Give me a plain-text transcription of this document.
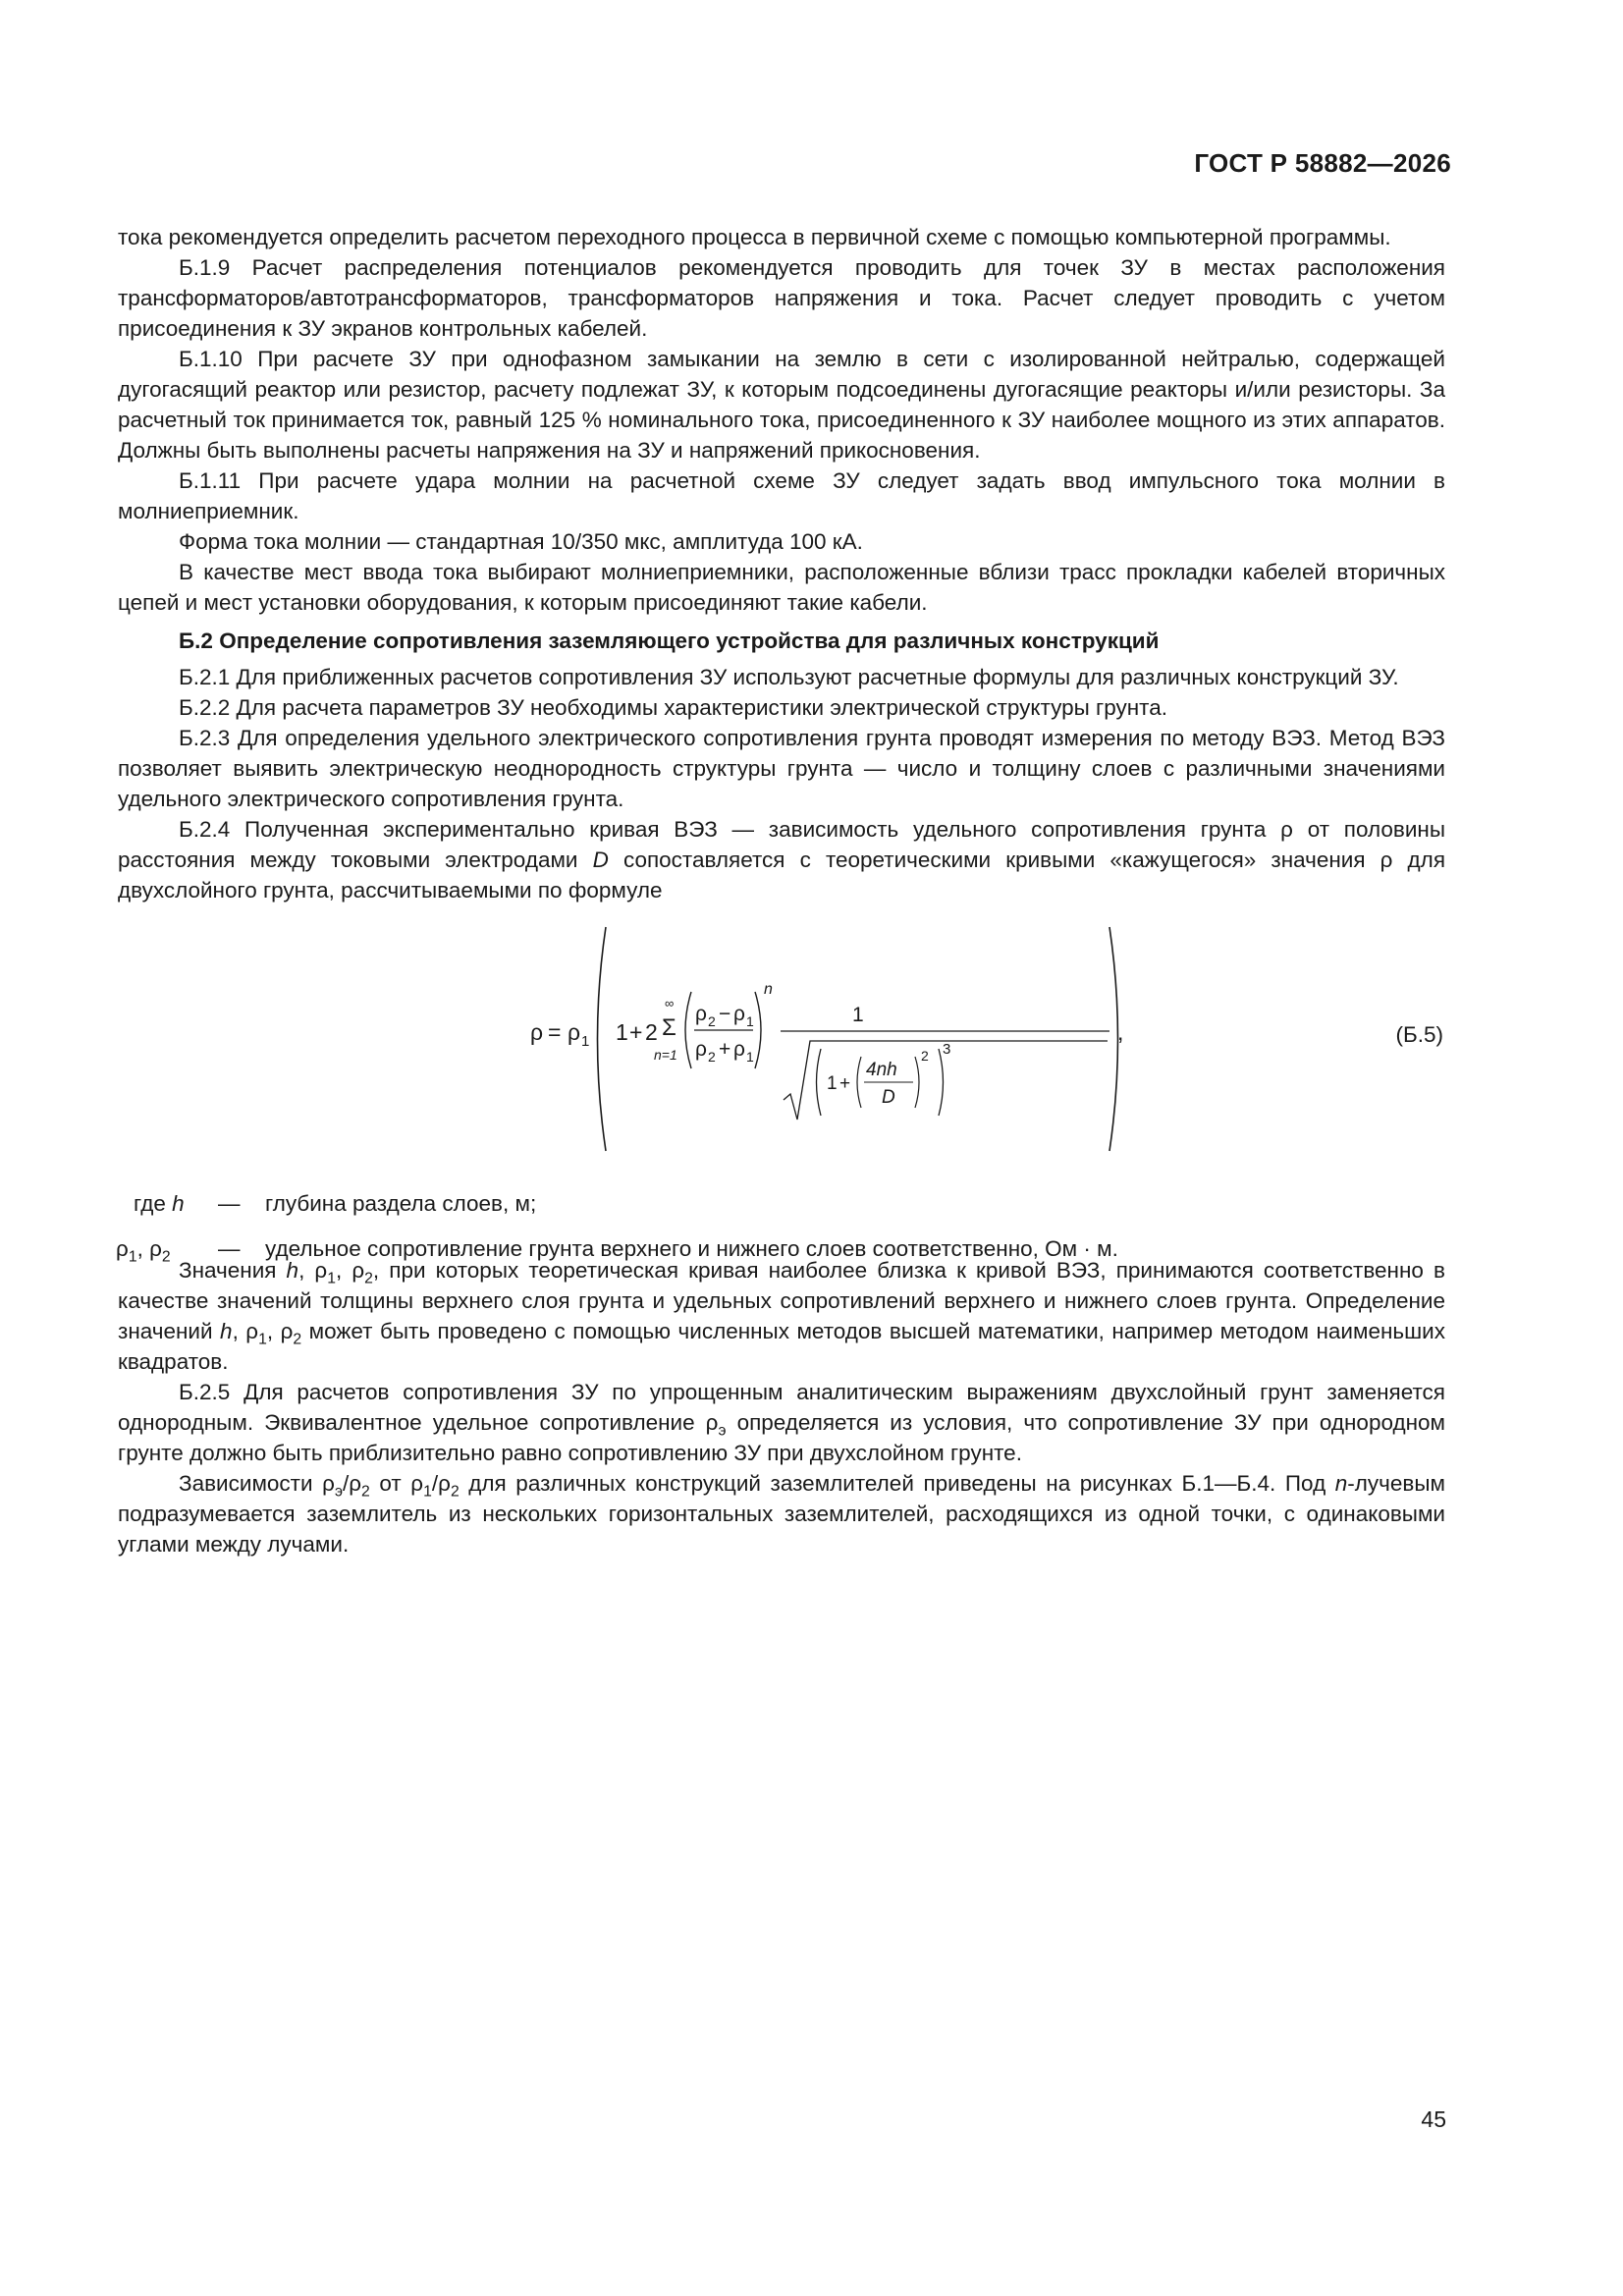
ГОСТ Р 58882—2026

тока рекомендуется определить расчетом переходного процесса в первичной схеме с помощью компьютерной программы.

Б.1.9 Расчет распределения потенциалов рекомендуется проводить для точек ЗУ в местах расположения трансформаторов/автотрансформаторов, трансформаторов напряжения и тока. Расчет следует проводить с учетом присоединения к ЗУ экранов контрольных кабелей.

Б.1.10 При расчете ЗУ при однофазном замыкании на землю в сети с изолированной нейтралью, содержащей дугогасящий реактор или резистор, расчету подлежат ЗУ, к которым подсоединены дугогасящие реакторы и/или резисторы. За расчетный ток принимается ток, равный 125 % номинального тока, присоединенного к ЗУ наиболее мощного из этих аппаратов. Должны быть выполнены расчеты напряжения на ЗУ и напряжений прикосновения.

Б.1.11 При расчете удара молнии на расчетной схеме ЗУ следует задать ввод импульсного тока молнии в молниеприемник.

Форма тока молнии — стандартная 10/350 мкс, амплитуда 100 кА.

В качестве мест ввода тока выбирают молниеприемники, расположенные вблизи трасс прокладки кабелей вторичных цепей и мест установки оборудования, к которым присоединяют такие кабели.

Б.2 Определение сопротивления заземляющего устройства для различных конструкций

Б.2.1 Для приближенных расчетов сопротивления ЗУ используют расчетные формулы для различных конструкций ЗУ.

Б.2.2 Для расчета параметров ЗУ необходимы характеристики электрической структуры грунта.

Б.2.3 Для определения удельного электрического сопротивления грунта проводят измерения по методу ВЭЗ. Метод ВЭЗ позволяет выявить электрическую неоднородность структуры грунта — число и толщину слоев с различными значениями удельного электрического сопротивления грунта.

Б.2.4 Полученная экспериментально кривая ВЭЗ — зависимость удельного сопротивления грунта ρ от половины расстояния между токовыми электродами D сопоставляется с теоретическими кривыми «кажущегося» значения ρ для двухслойного грунта, рассчитываемыми по формуле

ρ = ρ 1 1 + 2
∞
Σ
n=1
ρ 2 − ρ 1
ρ 2 + ρ 1
n
1
1 +
4nh
D
2 3
,	(Б.5)
где h — глубина раздела слоев, м;
$\rho_1$, $\rho_2$ — удельное сопротивление грунта верхнего и нижнего слоев соответственно, Ом · м.

Значения h, $\rho_1$, $\rho_2$, при которых теоретическая кривая наиболее близка к кривой ВЭЗ, принимаются соответственно в качестве значений толщины верхнего слоя грунта и удельных сопротивлений верхнего и нижнего слоев грунта. Определение значений h, $\rho_1$, $\rho_2$ может быть проведено с помощью численных методов высшей математики, например методом наименьших квадратов.

Б.2.5 Для расчетов сопротивления ЗУ по упрощенным аналитическим выражениям двухслойный грунт заменяется однородным. Эквивалентное удельное сопротивление $\rho_э$ определяется из условия, что сопротивление ЗУ при однородном грунте должно быть приблизительно равно сопротивлению ЗУ при двухслойном грунте.

Зависимости $\rho_э/\rho_2$ от $\rho_1/\rho_2$ для различных конструкций заземлителей приведены на рисунках Б.1—Б.4. Под n-лучевым подразумевается заземлитель из нескольких горизонтальных заземлителей, расходящихся из одной точки, с одинаковыми углами между лучами.

45
